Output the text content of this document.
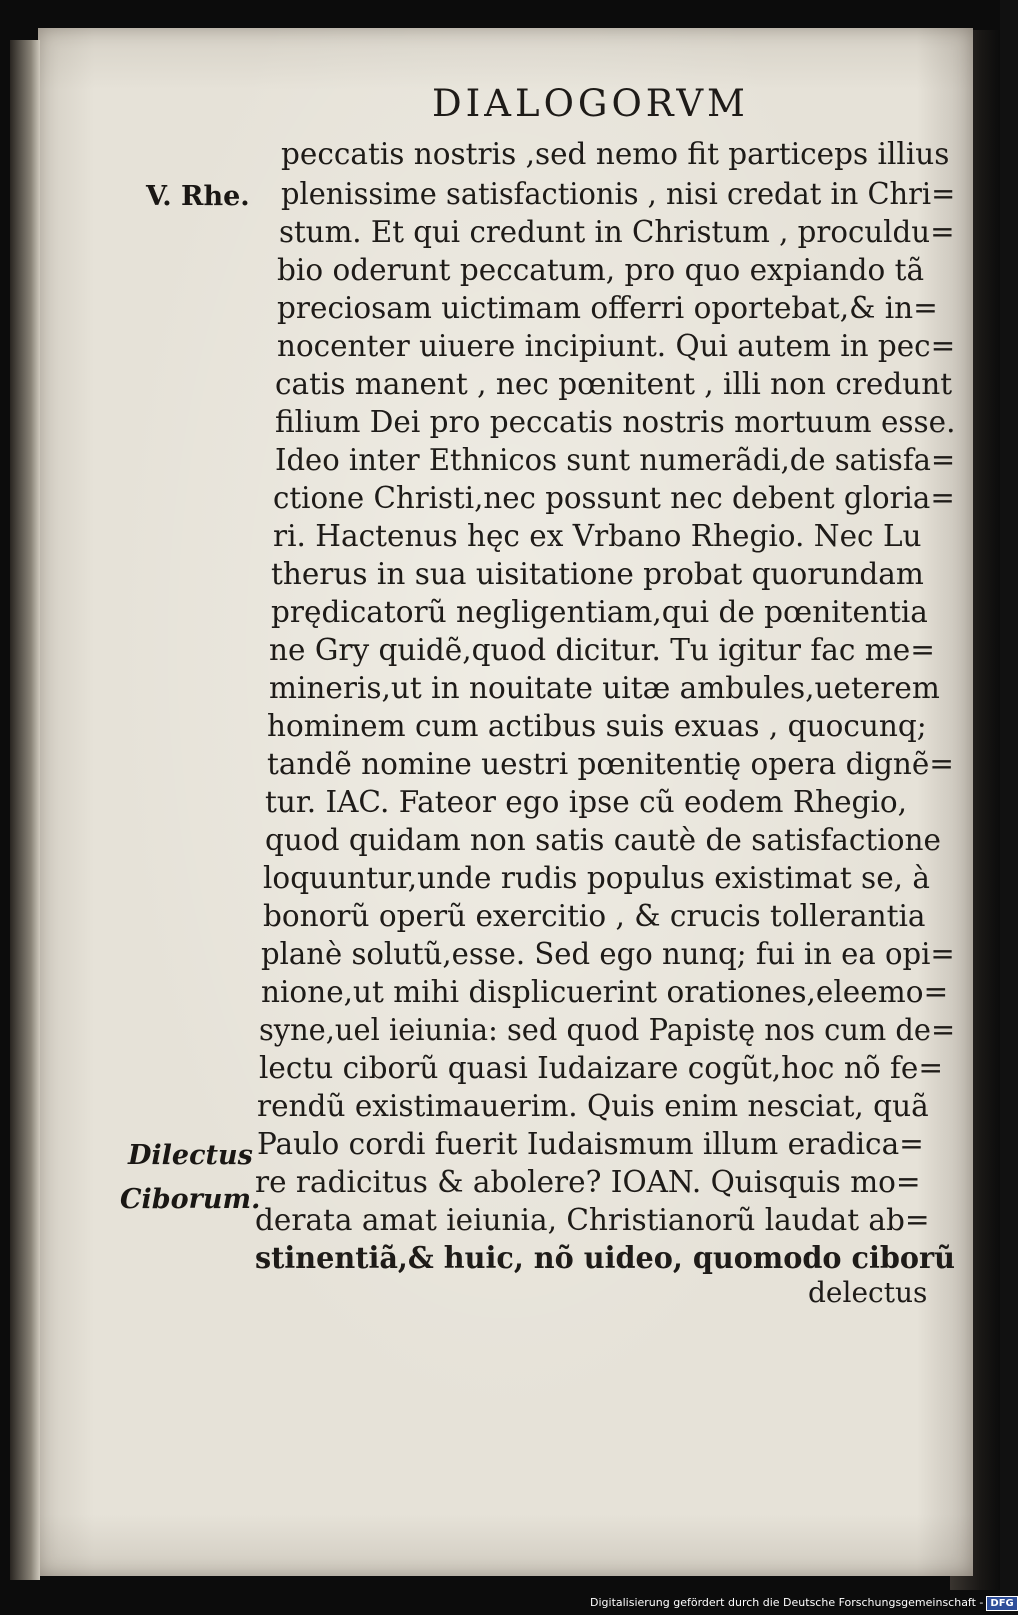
DIALOGORVM
V. Rhe.
Dilectus
Ciborum.
peccatis nostris ,sed nemo fit particeps illius
plenissime satisfactionis , nisi credat in Chri=
stum. Et qui credunt in Christum , proculdu=
bio oderunt peccatum, pro quo expiando tã
preciosam uictimam offerri oportebat,& in=
nocenter uiuere incipiunt. Qui autem in pec=
catis manent , nec pœnitent , illi non credunt
filium Dei pro peccatis nostris mortuum esse.
Ideo inter Ethnicos sunt numerãdi,de satisfa=
ctione Christi,nec possunt nec debent gloria=
ri. Hactenus hęc ex Vrbano Rhegio. Nec Lu
therus in sua uisitatione probat quorundam
prędicatorũ negligentiam,qui de pœnitentia
ne Gry quidẽ,quod dicitur. Tu igitur fac me=
mineris,ut in nouitate uitæ ambules,ueterem
hominem cum actibus suis exuas , quocunq;
tandẽ nomine uestri pœnitentię opera dignẽ=
tur. IAC. Fateor ego ipse cũ eodem Rhegio,
quod quidam non satis cautè de satisfactione
loquuntur,unde rudis populus existimat se, à
bonorũ operũ exercitio , & crucis tollerantia
planè solutũ,esse. Sed ego nunq; fui in ea opi=
nione,ut mihi displicuerint orationes,eleemo=
syne,uel ieiunia: sed quod Papistę nos cum de=
lectu ciborũ quasi Iudaizare cogũt,hoc nõ fe=
rendũ existimauerim. Quis enim nesciat, quã
Paulo cordi fuerit Iudaismum illum eradica=
re radicitus & abolere? IOAN. Quisquis mo=
derata amat ieiunia, Christianorũ laudat ab=
stinentiã,& huic, nõ uideo, quomodo ciborũ
delectus
Digitalisierung gefördert durch die Deutsche Forschungsgemeinschaft - DFG
